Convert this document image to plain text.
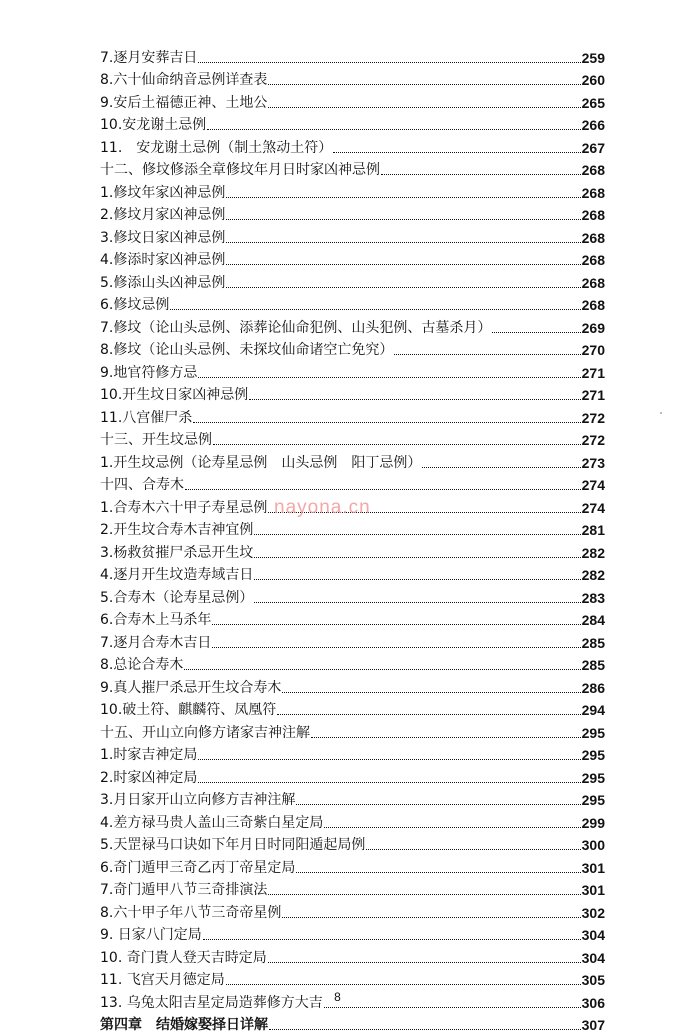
7.逐月安葬吉日	259
8.六十仙命纳音忌例详查表	260
9.安后土福德正神、土地公	265
10.安龙谢土忌例	266
11.　安龙谢土忌例（制土煞动土符）	267
十二、修坟修添全章修坟年月日时家凶神忌例	268
1.修坟年家凶神忌例	268
2.修坟月家凶神忌例	268
3.修坟日家凶神忌例	268
4.修添时家凶神忌例	268
5.修添山头凶神忌例	268
6.修坟忌例	268
7.修坟（论山头忌例、添葬论仙命犯例、山头犯例、古墓杀月）	269
8.修坟（论山头忌例、未探坟仙命诸空亡免究）	270
9.地官符修方忌	271
10.开生坟日家凶神忌例	271
11.八宫催尸杀	272
十三、开生坟忌例	272
1.开生坟忌例（论寿星忌例　山头忌例　阳丁忌例）	273
十四、合寿木	274
1.合寿木六十甲子寿星忌例	274
2.开生坟合寿木吉神宜例	281
3.杨救贫摧尸杀忌开生坟	282
4.逐月开生坟造寿域吉日	282
5.合寿木（论寿星忌例）	283
6.合寿木上马杀年	284
7.逐月合寿木吉日	285
8.总论合寿木	285
9.真人摧尸杀忌开生坟合寿木	286
10.破土符、麒麟符、凤凰符	294
十五、开山立向修方诸家吉神注解	295
1.时家吉神定局	295
2.时家凶神定局	295
3.月日家开山立向修方吉神注解	295
4.差方禄马贵人盖山三奇紫白星定局	299
5.天罡禄马口诀如下年月日时同阳遁起局例	300
6.奇门遁甲三奇乙丙丁帝星定局	301
7.奇门遁甲八节三奇排演法	301
8.六十甲子年八节三奇帝星例	302
9. 日家八门定局	304
10. 奇门貴人登天吉時定局	304
11. 飞宫天月德定局	305
13. 乌兔太阳吉星定局造葬修方大吉	306
第四章　结婚嫁娶择日详解	307
nayona.cn
8
